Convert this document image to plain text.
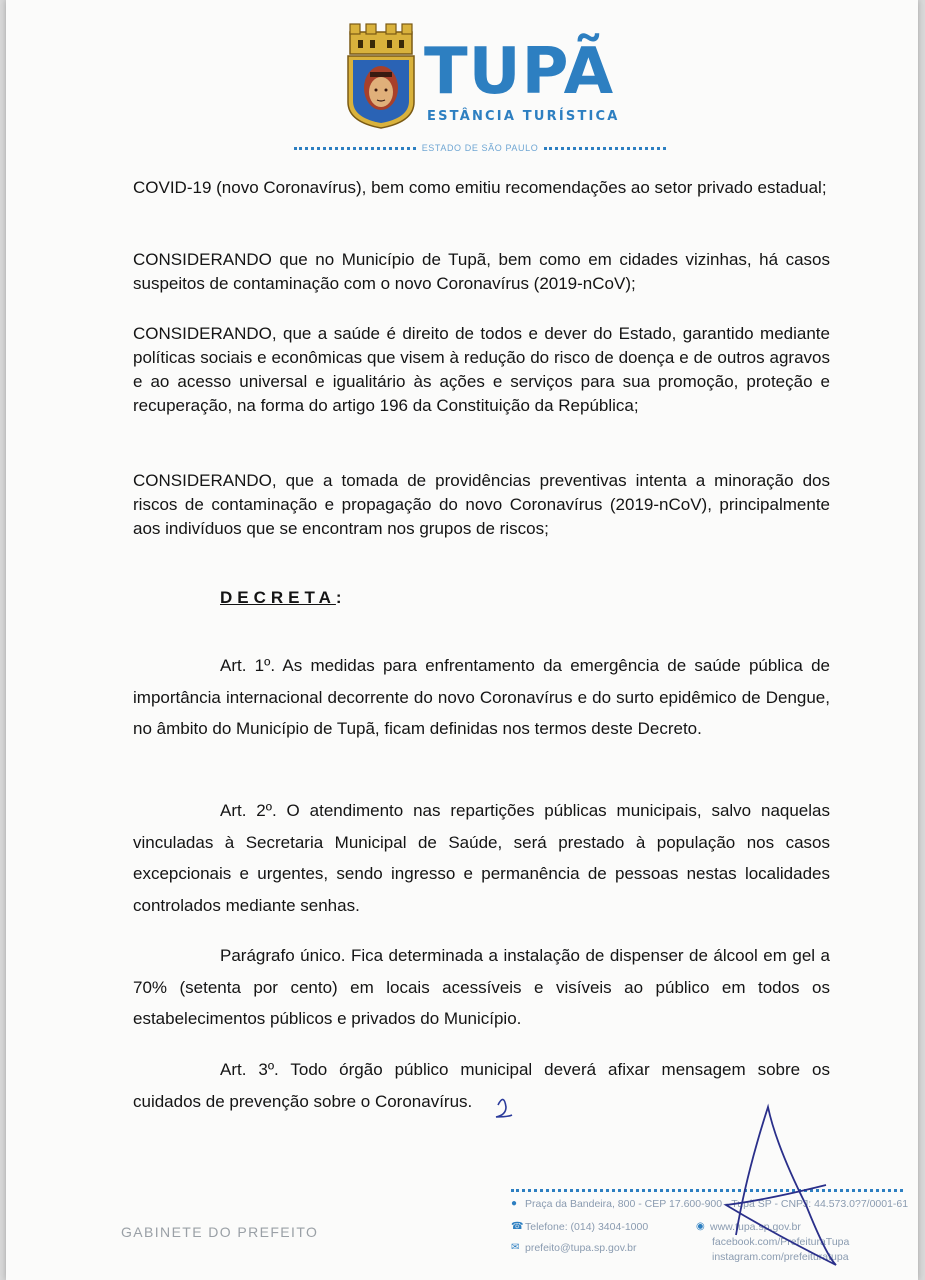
TUPÃ
ESTÂNCIA TURÍSTICA
ESTADO DE SÃO PAULO

COVID-19 (novo Coronavírus), bem como emitiu recomendações ao setor privado estadual;

CONSIDERANDO que no Município de Tupã, bem como em cidades vizinhas, há casos suspeitos de contaminação com o novo Coronavírus (2019-nCoV);

CONSIDERANDO, que a saúde é direito de todos e dever do Estado, garantido mediante políticas sociais e econômicas que visem à redução do risco de doença e de outros agravos e ao acesso universal e igualitário às ações e serviços para sua promoção, proteção e recuperação, na forma do artigo 196 da Constituição da República;

CONSIDERANDO, que a tomada de providências preventivas intenta a minoração dos riscos de contaminação e propagação do novo Coronavírus (2019-nCoV), principalmente aos indivíduos que se encontram nos grupos de riscos;

DECRETA:

Art. 1º. As medidas para enfrentamento da emergência de saúde pública de importância internacional decorrente do novo Coronavírus e do surto epidêmico de Dengue, no âmbito do Município de Tupã, ficam definidas nos termos deste Decreto.

Art. 2º. O atendimento nas repartições públicas municipais, salvo naquelas vinculadas à Secretaria Municipal de Saúde, será prestado à população nos casos excepcionais e urgentes, sendo ingresso e permanência de pessoas nestas localidades controlados mediante senhas.

Parágrafo único. Fica determinada a instalação de dispenser de álcool em gel a 70% (setenta por cento) em locais acessíveis e visíveis ao público em todos os estabelecimentos públicos e privados do Município.

Art. 3º. Todo órgão público municipal deverá afixar mensagem sobre os cuidados de prevenção sobre o Coronavírus.

● Praça da Bandeira, 800 - CEP 17.600-900 - Tupã SP - CNPJ: 44.573.0?7/0001-61
☎ Telefone: (014) 3404-1000
✉ prefeito@tupa.sp.gov.br
◉ www.tupa.sp.gov.br
facebook.com/PrefeituraTupa
instagram.com/prefeituratupa
GABINETE DO PREFEITO
